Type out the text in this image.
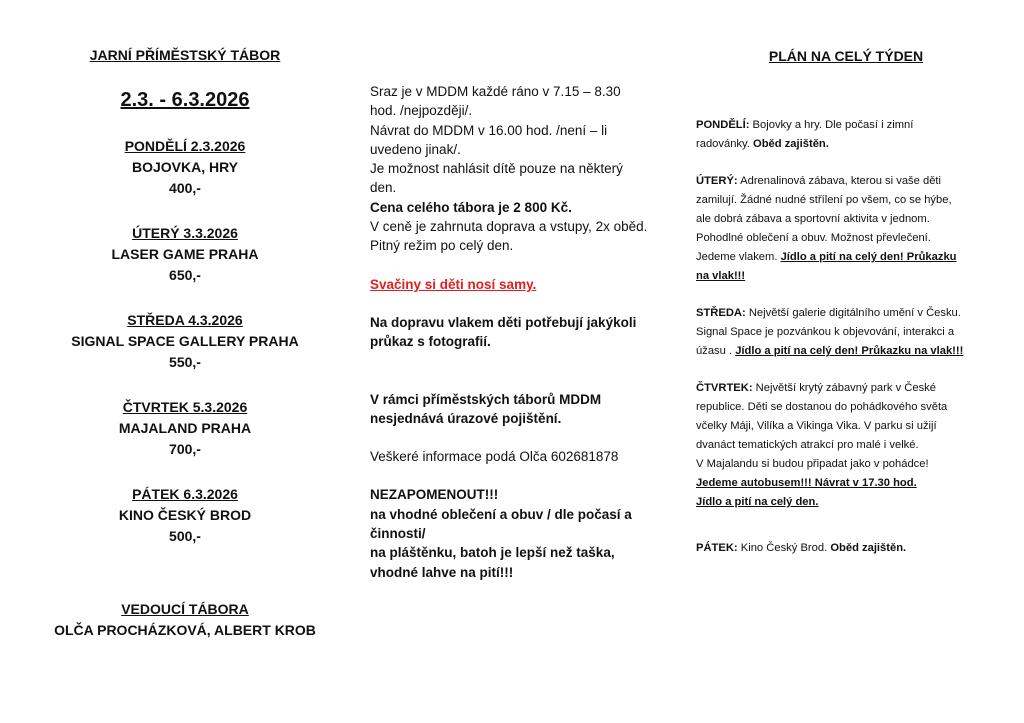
JARNÍ PŘÍMĚSTSKÝ TÁBOR
2.3. - 6.3.2026
PONDĚLÍ 2.3.2026
BOJOVKA, HRY
400,-
ÚTERÝ 3.3.2026
LASER GAME PRAHA
650,-
STŘEDA 4.3.2026
SIGNAL SPACE GALLERY PRAHA
550,-
ČTVRTEK 5.3.2026
MAJALAND PRAHA
700,-
PÁTEK 6.3.2026
KINO ČESKÝ BROD
500,-
VEDOUCÍ TÁBORA
OLČA PROCHÁZKOVÁ, ALBERT KROB

Sraz je v MDDM každé ráno v 7.15 – 8.30

hod. /nejpozději/.

Návrat do MDDM v 16.00 hod. /není – li

uvedeno jinak/.

Je možnost nahlásit dítě pouze na některý

den.

Cena celého tábora je 2 800 Kč.

V ceně je zahrnuta doprava a vstupy, 2x oběd.

Pitný režim po celý den.

Svačiny si děti nosí samy.

Na dopravu vlakem děti potřebují jakýkoli

průkaz s fotografií.

V rámci příměstských táborů MDDM

nesjednává úrazové pojištění.

Veškeré informace podá Olča 602681878

NEZAPOMENOUT!!!

na vhodné oblečení a obuv / dle počasí a

činnosti/

na pláštěnku, batoh je lepší než taška,

vhodné lahve na pití!!!

PLÁN NA CELÝ TÝDEN
PONDĚLÍ: Bojovky a hry. Dle počasí i zimní
radovánky. Oběd zajištěn.
ÚTERÝ: Adrenalinová zábava, kterou si vaše děti
zamilují. Žádné nudné střílení po všem, co se hýbe,
ale dobrá zábava a sportovní aktivita v jednom.
Pohodlné oblečení a obuv. Možnost převlečení.
Jedeme vlakem. Jídlo a pití na celý den! Průkazku
na vlak!!!
STŘEDA: Největší galerie digitálního umění v Česku.
Signal Space je pozvánkou k objevování, interakci a
úžasu . Jídlo a pití na celý den! Průkazku na vlak!!!
ČTVRTEK: Největší krytý zábavný park v České
republice. Děti se dostanou do pohádkového světa
včelky Máji, Vilíka a Vikinga Vika. V parku si užijí
dvanáct tematických atrakcí pro malé i velké.
V Majalandu si budou připadat jako v pohádce!
Jedeme autobusem!!! Návrat v 17.30 hod.
Jídlo a pití na celý den.
PÁTEK: Kino Český Brod. Oběd zajištěn.
